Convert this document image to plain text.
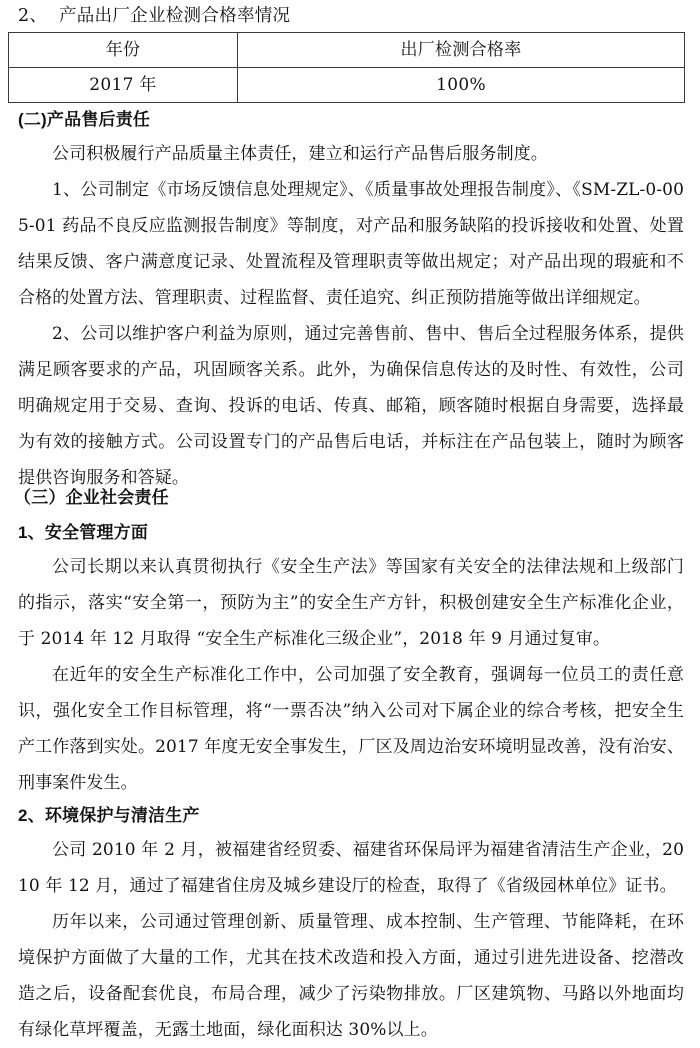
2、  产品出厂企业检测合格率情况
年份	出厂检测合格率
2017 年	100%
(二)产品售后责任
公司积极履行产品质量主体责任，建立和运行产品售后服务制度。
1、公司制定《市场反馈信息处理规定》、《质量事故处理报告制度》、《SM-ZL-0-005-01 药品不良反应监测报告制度》等制度，对产品和服务缺陷的投诉接收和处置、处置结果反馈、客户满意度记录、处置流程及管理职责等做出规定；对产品出现的瑕疵和不合格的处置方法、管理职责、过程监督、责任追究、纠正预防措施等做出详细规定。
2、公司以维护客户利益为原则，通过完善售前、售中、售后全过程服务体系，提供满足顾客要求的产品，巩固顾客关系。此外，为确保信息传达的及时性、有效性，公司明确规定用于交易、查询、投诉的电话、传真、邮箱，顾客随时根据自身需要，选择最为有效的接触方式。公司设置专门的产品售后电话，并标注在产品包装上，随时为顾客提供咨询服务和答疑。
（三）企业社会责任
1、安全管理方面
公司长期以来认真贯彻执行《安全生产法》等国家有关安全的法律法规和上级部门的指示，落实“安全第一，预防为主”的安全生产方针，积极创建安全生产标准化企业，于 2014 年 12 月取得 “安全生产标准化三级企业”，2018 年 9 月通过复审。
在近年的安全生产标准化工作中，公司加强了安全教育，强调每一位员工的责任意识，强化安全工作目标管理，将“一票否决”纳入公司对下属企业的综合考核，把安全生产工作落到实处。2017 年度无安全事发生，厂区及周边治安环境明显改善，没有治安、刑事案件发生。
2、环境保护与清洁生产
公司 2010 年 2 月，被福建省经贸委、福建省环保局评为福建省清洁生产企业，2010 年 12 月，通过了福建省住房及城乡建设厅的检查，取得了《省级园林单位》证书。
历年以来，公司通过管理创新、质量管理、成本控制、生产管理、节能降耗，在环境保护方面做了大量的工作，尤其在技术改造和投入方面，通过引进先进设备、挖潜改造之后，设备配套优良，布局合理，减少了污染物排放。厂区建筑物、马路以外地面均有绿化草坪覆盖，无露土地面，绿化面积达 30%以上。
